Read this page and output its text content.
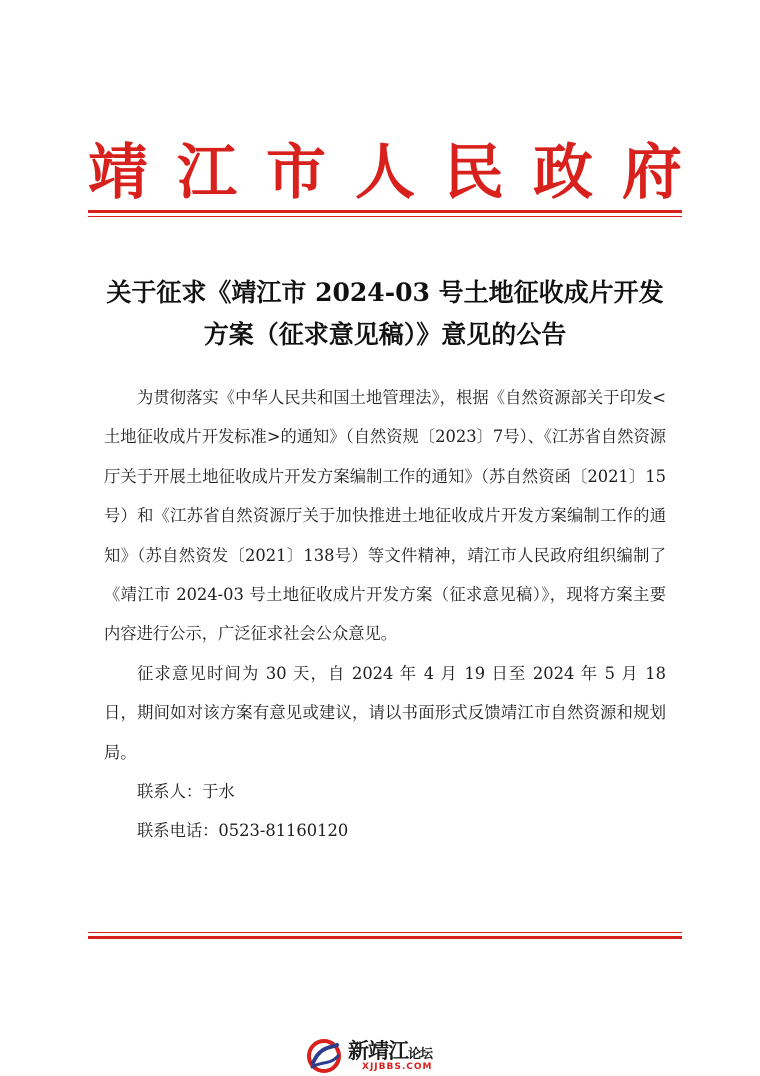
靖 江 市 人 民 政 府
关于征求《靖江市 2024-03 号土地征收成片开发
方案（征求意见稿）》意见的公告

为贯彻落实《中华人民共和国土地管理法》，根据《自然资源部关于印发<土地征收成片开发标准>的通知》（自然资规〔2023〕7号）、《江苏省自然资源厅关于开展土地征收成片开发方案编制工作的通知》（苏自然资函〔2021〕15号）和《江苏省自然资源厅关于加快推进土地征收成片开发方案编制工作的通知》（苏自然资发〔2021〕138号）等文件精神，靖江市人民政府组织编制了《靖江市 2024-03 号土地征收成片开发方案（征求意见稿）》，现将方案主要内容进行公示，广泛征求社会公众意见。

征求意见时间为 30 天，自 2024 年 4 月 19 日至 2024 年 5 月 18 日，期间如对该方案有意见或建议，请以书面形式反馈靖江市自然资源和规划局。

联系人：于水

联系电话：0523-81160120

新靖江论坛
XJJBBS.COM
